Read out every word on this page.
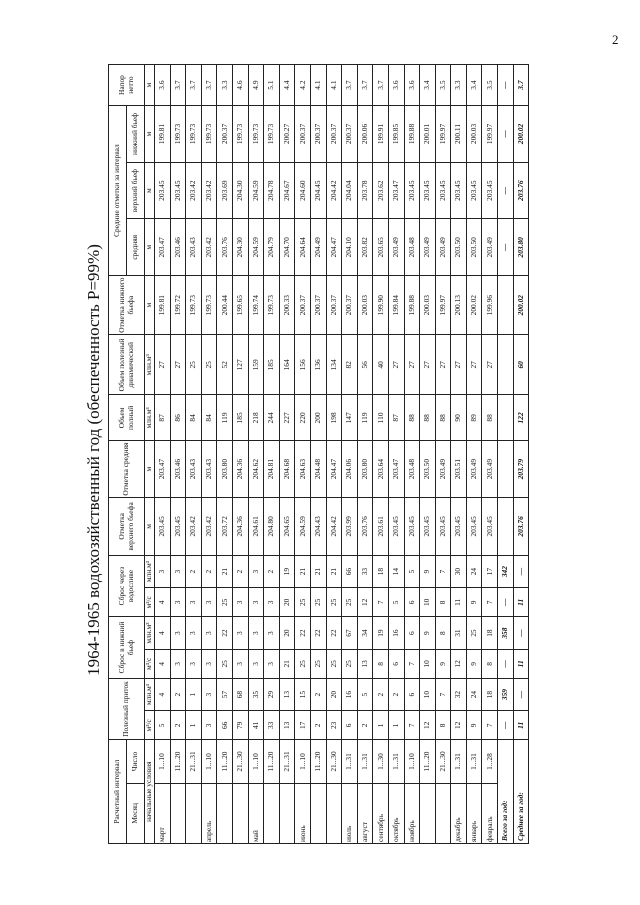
2
1964-1965 водохозяйственный год (обеспеченность Р=99%)
Расчетный интервал		Полезный приток		Сброс в нижний бьеф		Сброс через водосливе		Отметка верхнего бьефа	Отметка средняя	Объем полный	Объем полезный динамический	Отметка нижнего бьефа	Средние отметки за интервал			Напор нетто
Месяц	Число												средняя	верхний бьеф	нижний бьеф	
начальные условия		м³/с	млн.м³	м³/с	млн.м³	м³/с	млн.м³	м	м	млн.м³	млн.м³	м	м	м	м	м
март	1...10	5	4	4	4	4	3	203.45	203.47	87	27	199.81	203.47	203.45	199.81	3.6
	11...20	2	2	3	3	3	3	203.45	203.46	86	27	199.72	203.46	203.45	199.73	3.7
	21...31	1	1	3	3	3	2	203.42	203.43	84	25	199.73	203.43	203.42	199.73	3.7
апрель	1...10	3	3	3	3	3	2	203.42	203.43	84	25	199.73	203.42	203.42	199.73	3.7
	11...20	66	57	25	22	25	21	203.72	203.80	119	52	200.44	203.76	203.69	200.37	3.3
	21...30	79	68	3	3	3	2	204.36	204.36	185	127	199.65	204.30	204.30	199.73	4.6
май	1...10	41	35	3	3	3	3	204.61	204.62	218	159	199.74	204.59	204.59	199.73	4.9
	11...20	33	29	3	3	3	2	204.80	204.81	244	185	199.73	204.79	204.78	199.73	5.1
	21...31	13	13	21	20	20	19	204.65	204.68	227	164	200.33	204.70	204.67	200.27	4.4
июнь	1...10	17	15	25	22	25	21	204.59	204.63	220	156	200.37	204.64	204.60	200.37	4.2
	11...20	2	2	25	22	25	21	204.43	204.48	200	136	200.37	204.49	204.45	200.37	4.1
	21...30	23	20	25	22	25	21	204.42	204.47	198	134	200.37	204.47	204.42	200.37	4.1
июль	1...31	6	16	25	67	25	66	203.99	204.06	147	82	200.37	204.10	204.04	200.37	3.7
август	1...31	2	5	13	34	12	33	203.76	203.80	119	56	200.03	203.82	203.78	200.06	3.7
сентябрь	1...30	1	2	8	19	7	18	203.61	203.64	110	40	199.90	203.65	203.62	199.91	3.7
октябрь	1...31	1	2	6	16	5	14	203.45	203.47	87	27	199.84	203.49	203.47	199.85	3.6
ноябрь	1...10	7	6	7	6	6	5	203.45	203.48	88	27	199.88	203.48	203.45	199.88	3.6
	11...20	12	10	10	9	10	9	203.45	203.50	88	27	200.03	203.49	203.45	200.01	3.4
	21...30	8	7	9	8	8	7	203.45	203.49	88	27	199.97	203.49	203.45	199.97	3.5
декабрь	1...31	12	32	12	31	11	30	203.45	203.51	90	27	200.13	203.50	203.45	200.11	3.3
январь	1...31	9	24	9	25	9	24	203.45	203.49	89	27	200.02	203.50	203.45	200.03	3.4
февраль	1...28	7	18	8	18	7	17	203.45	203.49	88	27	199.96	203.49	203.45	199.97	3.5
Всего за год:		—	359	—	358	—	342						—	—	—	—
Среднее за год:		11	—	11	—	11	—	203.76	203.79	122	60	200.02	203.80	203.76	200.02	3.7
